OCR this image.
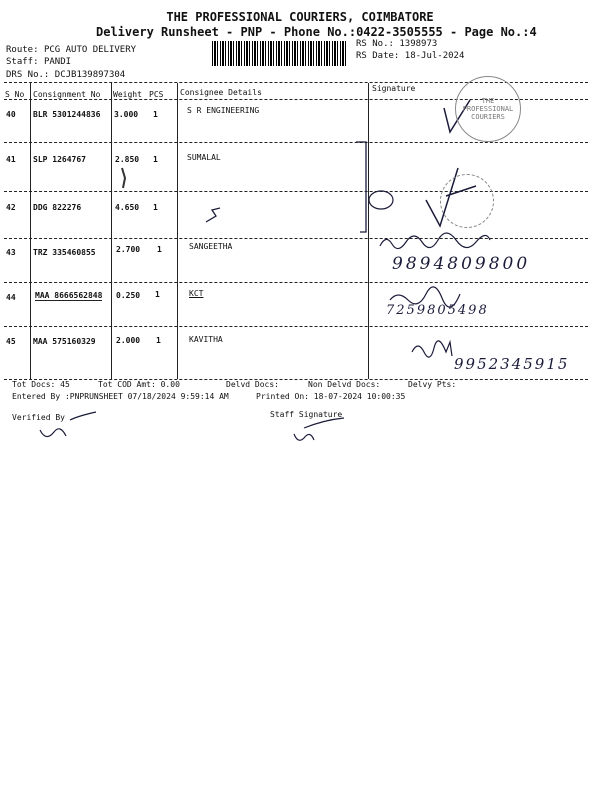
THE PROFESSIONAL COURIERS, COIMBATORE
Delivery Runsheet - PNP - Phone No.:0422-3505555 - Page No.:4
Route: PCG AUTO DELIVERY
Staff: PANDI
DRS No.: DCJB139897304
RS No.: 1398973
RS Date: 18-Jul-2024
S No Consignment No Weight PCS Consignee Details	Signature
40 BLR 5301244836 3.000 1	S R ENGINEERING
41 SLP 1264767	2.850 1	SUMALAL
42 DDG 822276	4.650 1
43 TRZ 335460855	2.700 1	SANGEETHA
9894809800
44 MAA 8666562848 0.250 1	KCT
7259805498
45 MAA 575160329	2.000 1	KAVITHA
9952345915
THE PROFESSIONAL COURIERS
Tot Docs: 45	Tot COD Amt: 0.00	Delvd Docs:	Non Delvd Docs:	Delvy Pts:
Entered By :PNPRUNSHEET 07/18/2024 9:59:14 AM	Printed On: 18-07-2024 10:00:35
Verified By	Staff Signature
